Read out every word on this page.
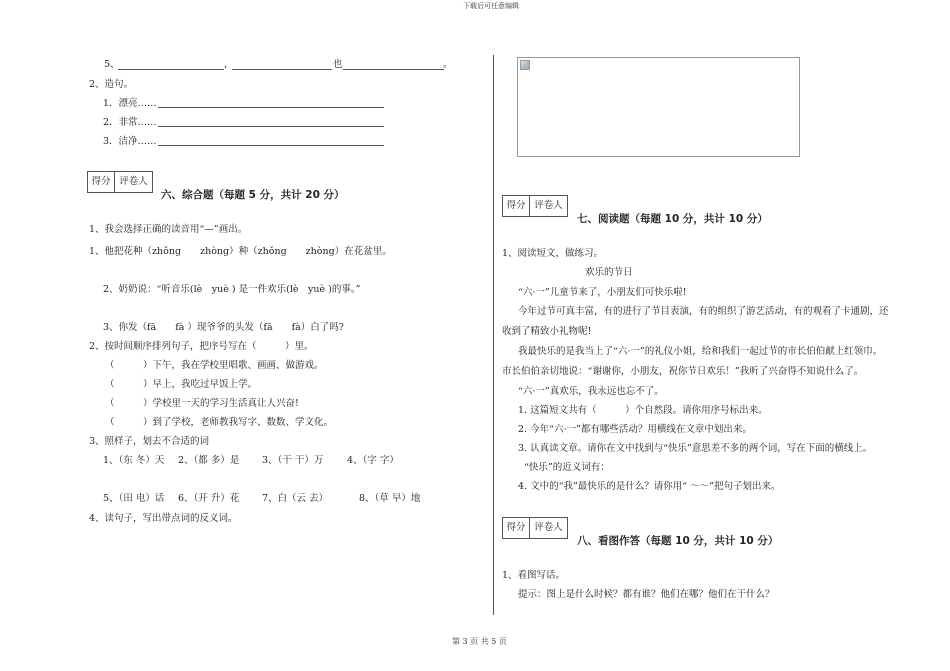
下载后可任意编辑
第 3 页 共 5 页
5、	，	也	。
2、造句。
1．漂亮……
2．非常……
3．洁净……
得分 评卷人
六、综合题（每题 5 分，共计 20 分）
1、我会选择正确的读音用“—”画出。
1、他把花种（zhǒng　　zhòng）种（zhǒng　　zhòng）在花盆里。
2、奶奶说：“听音乐(lè　yuè ) 是一件欢乐(lè　yuè )的事。”
3、你发（fā　　fà ）现爷爷的头发（fā　　fà）白了吗?
2、按时间顺序排列句子，把序号写在（　　　）里。
（　　　）下午，我在学校里唱歌、画画、做游戏。
（　　　）早上，我吃过早饭上学。
（　　　）学校里一天的学习生活真让人兴奋!
（　　　）到了学校，老师教我写字、数数、学文化。
3、照样子，划去不合适的词
1、（东 冬）天 2、（都 多）是 3、（干 干）万 4、（字 字）
5、（田 电）话 6、（开 升）花 7、白（云 去）	8、（草 早）地
4、读句子，写出带点词的反义词。
得分 评卷人
七、阅读题（每题 10 分，共计 10 分）
1、阅读短文，做练习。
欢乐的节日
“六·一”儿童节来了，小朋友们可快乐啦!
今年过节可真丰富，有的进行了节目表演，有的组织了游艺活动，有的观看了卡通剧，还
收到了精致小礼物呢!
我最快乐的是我当上了“六·一”的礼仪小姐，给和我们一起过节的市长伯伯献上红领巾。
市长伯伯亲切地说：“谢谢你，小朋友，祝你节日欢乐！”我听了兴奋得不知说什么了。
“六·一”真欢乐，我永远也忘不了。
1. 这篇短文共有（　　　）个自然段。请你用序号标出来。
2. 今年“六·一”都有哪些活动？用横线在文章中划出来。
3. 认真读文章。请你在文中找到与“快乐”意思差不多的两个词，写在下面的横线上。
“快乐”的近义词有：
4. 文中的“我”最快乐的是什么？请你用“ ～～”把句子划出来。
得分 评卷人
八、看图作答（每题 10 分，共计 10 分）
1、看图写话。
提示：图上是什么时候？都有谁？他们在哪？他们在干什么？
